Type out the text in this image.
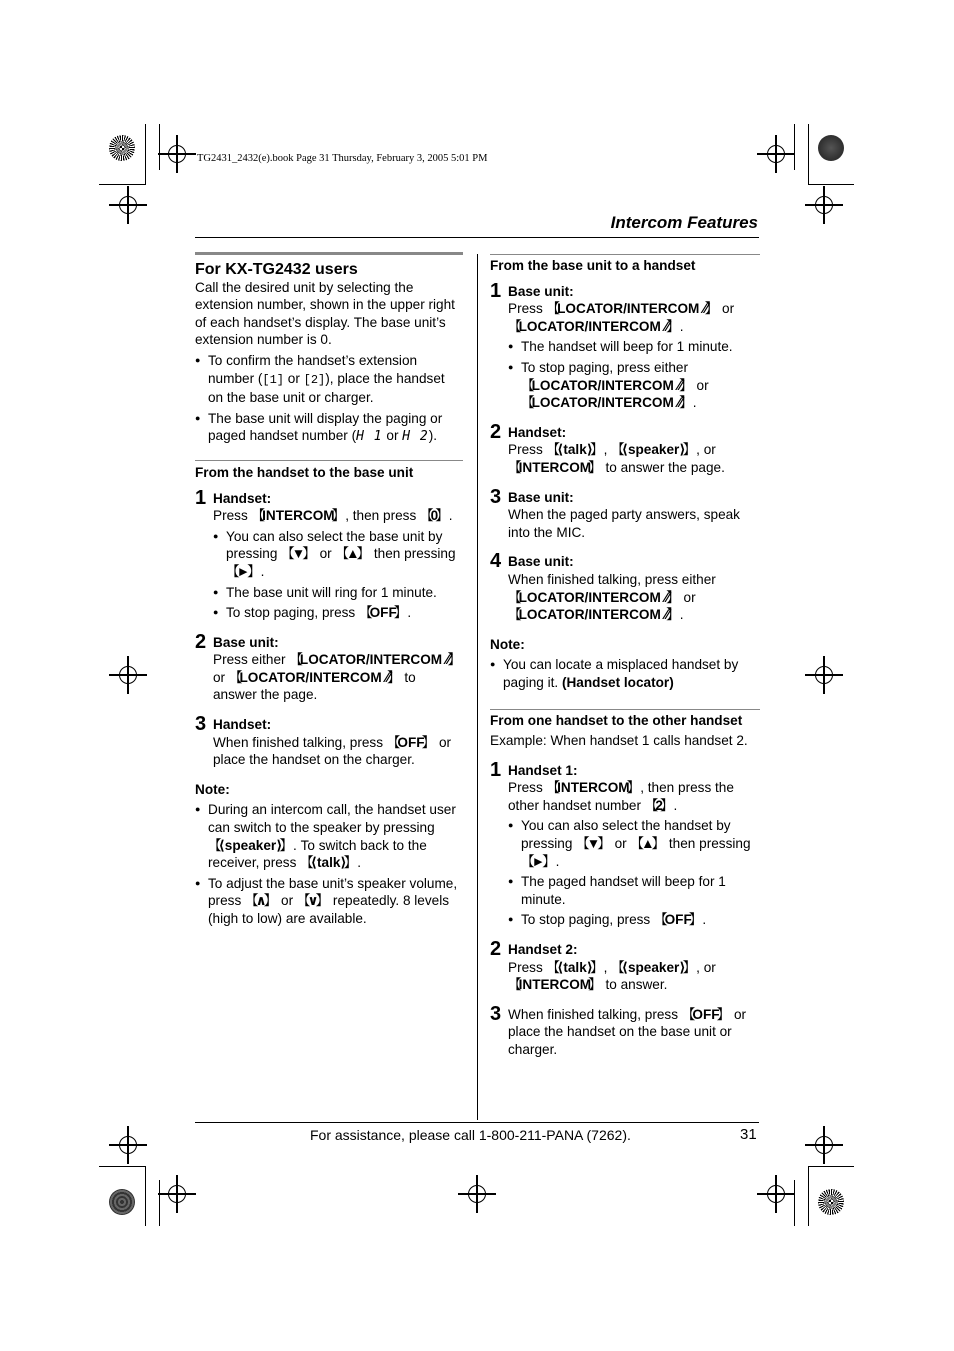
TG2431_2432(e).book Page 31 Thursday, February 3, 2005 5:01 PM
Intercom Features

For KX-TG2432 users

Call the desired unit by selecting the extension number, shown in the upper right of each handset’s display. The base unit’s extension number is 0.

● To confirm the handset’s extension number ([1] or [2]), place the handset on the base unit or charger.
● The base unit will display the paging or paged handset number (H 1 or H 2).

From the handset to the base unit

1 Handset:

Press 【 INTERCOM 】 , then press 【 0 】 .

● You can also select the base unit by pressing 【 ▼ 】 or 【 ▲ 】 then pressing 【 ► 】 .
● The base unit will ring for 1 minute.
● To stop paging, press 【 OFF 】 .
2 Base unit:

Press either 【 LOCATOR/INTERCOM ⁄⁄ 】 or 【 LOCATOR/INTERCOM ⁄⁄ 】 to answer the page.

3 Handset:

When finished talking, press 【 OFF 】 or place the handset on the charger.

Note:

● During an intercom call, the handset user can switch to the speaker by pressing 【 ⟨speaker⟩ 】 . To switch back to the receiver, press 【 ⟨talk⟩ 】 .
● To adjust the base unit’s speaker volume, press 【 ∧ 】 or 【 ∨ 】 repeatedly. 8 levels (high to low) are available.

From the base unit to a handset

1 Base unit:

Press 【 LOCATOR/INTERCOM ⁄⁄ 】 or
【 LOCATOR/INTERCOM ⁄⁄ 】 .

● The handset will beep for 1 minute.
● To stop paging, press either
【 LOCATOR/INTERCOM ⁄⁄ 】 or
【 LOCATOR/INTERCOM ⁄⁄ 】 .
2 Handset:

Press 【 ⟨talk⟩ 】 , 【 ⟨speaker⟩ 】 , or 【 INTERCOM 】 to answer the page.

3 Base unit:

When the paged party answers, speak into the MIC.

4 Base unit:

When finished talking, press either
【 LOCATOR/INTERCOM ⁄⁄ 】 or
【 LOCATOR/INTERCOM ⁄⁄ 】 .

Note:

● You can locate a misplaced handset by paging it. (Handset locator)

From one handset to the other handset

Example: When handset 1 calls handset 2.

1 Handset 1:

Press 【 INTERCOM 】 , then press the other handset number 【 2 】 .

● You can also select the handset by pressing 【 ▼ 】 or 【 ▲ 】 then pressing 【 ► 】 .
● The paged handset will beep for 1 minute.
● To stop paging, press 【 OFF 】 .
2 Handset 2:

Press 【 ⟨talk⟩ 】 , 【 ⟨speaker⟩ 】 , or 【 INTERCOM 】 to answer.

3 When finished talking, press 【 OFF 】 or place the handset on the base unit or charger.

For assistance, please call 1-800-211-PANA (7262).	31
